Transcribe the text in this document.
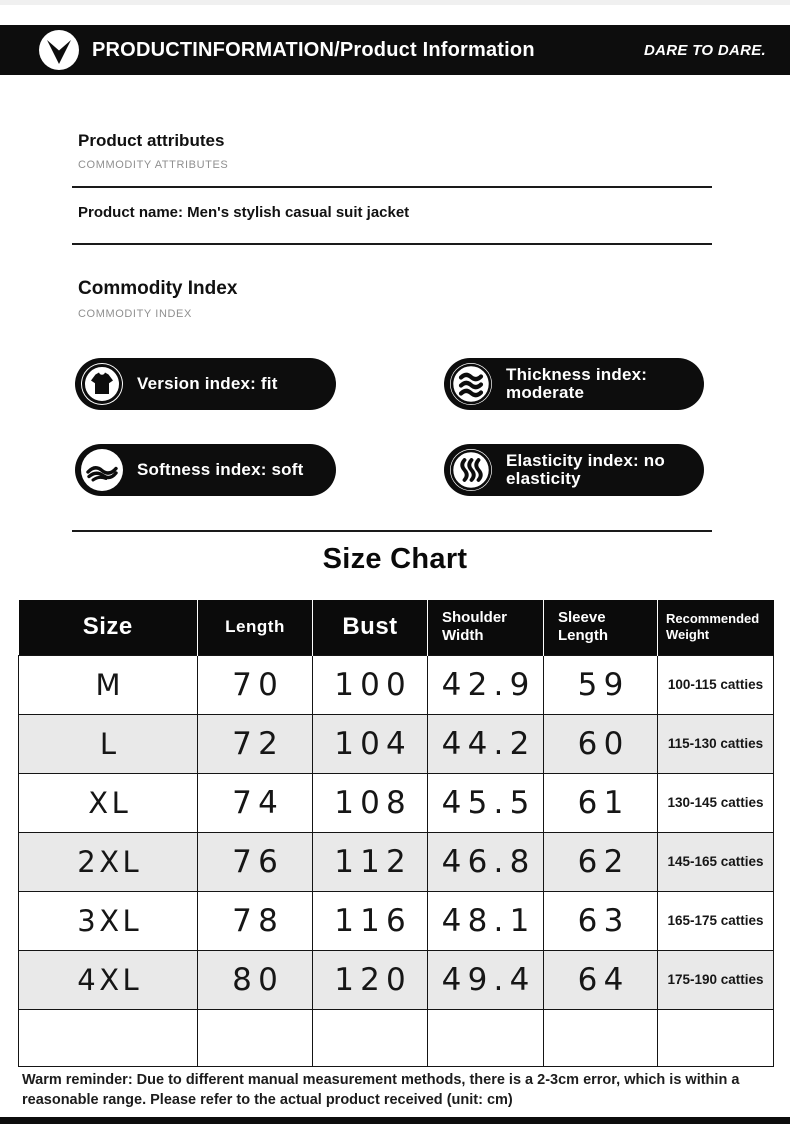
PRODUCTINFORMATION/Product Information	DARE TO DARE.
Product attributes
COMMODITY ATTRIBUTES
Product name: Men's stylish casual suit jacket
Commodity Index
COMMODITY INDEX
Version index: fit	Thickness index: moderate
Softness index: soft	Elasticity index: no elasticity
Size Chart
Size	Length	Bust	Shoulder Width	Sleeve Length	Recommended Weight
M	70	100	42.9	59	100-115 catties
L	72	104	44.2	60	115-130 catties
XL	74	108	45.5	61	130-145 catties
2XL	76	112	46.8	62	145-165 catties
3XL	78	116	48.1	63	165-175 catties
4XL	80	120	49.4	64	175-190 catties

Warm reminder: Due to different manual measurement methods, there is a 2-3cm error, which is within a reasonable range. Please refer to the actual product received (unit: cm)
